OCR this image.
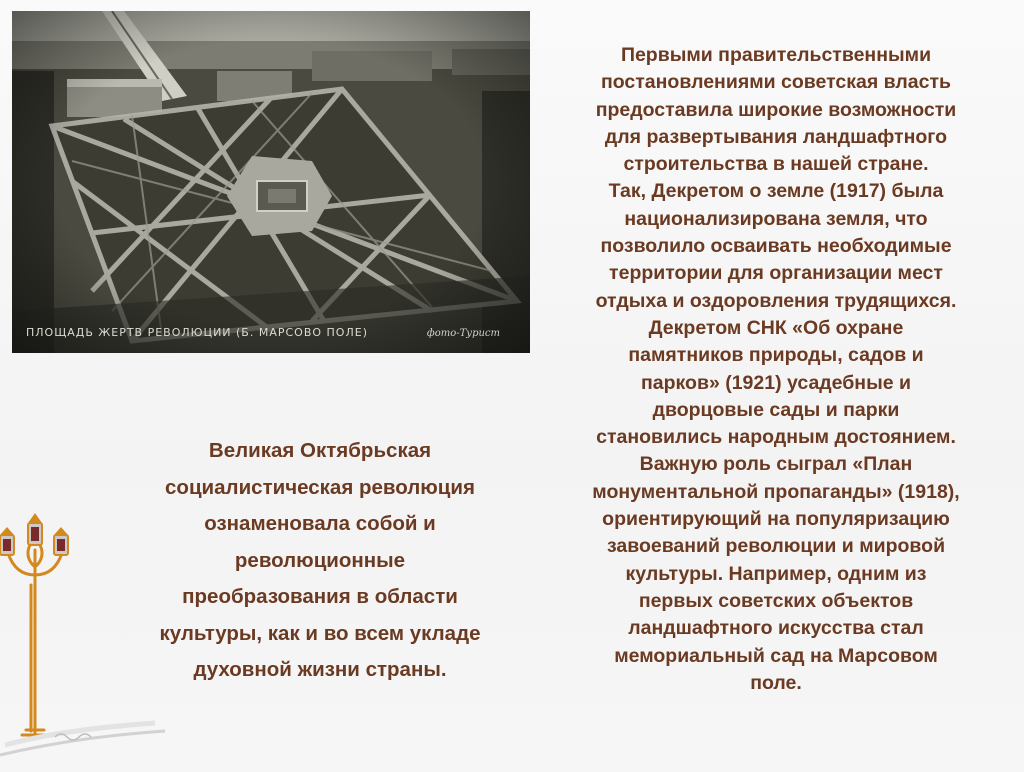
ПЛОЩАДЬ ЖЕРТВ РЕВОЛЮЦИИ (Б. МАРСОВО ПОЛЕ)	фото-Турист
Первыми правительственными
постановлениями советская власть
предоставила широкие возможности
для развертывания ландшафтного
строительства в нашей стране.
Так, Декретом о земле (1917) была
национализирована земля, что
позволило осваивать необходимые
территории для организации мест
отдыха и оздоровления трудящихся.
Декретом СНК «Об охране
памятников природы, садов и
парков» (1921) усадебные и
дворцовые сады и парки
становились народным достоянием.
Важную роль сыграл «План
монументальной пропаганды» (1918),
ориентирующий на популяризацию
завоеваний революции и мировой
культуры. Например, одним из
первых советских объектов
ландшафтного искусства стал
мемориальный сад на Марсовом
поле.
Великая Октябрьская
социалистическая революция
ознаменовала собой и
революционные
преобразования в области
культуры, как и во всем укладе
духовной жизни страны.
